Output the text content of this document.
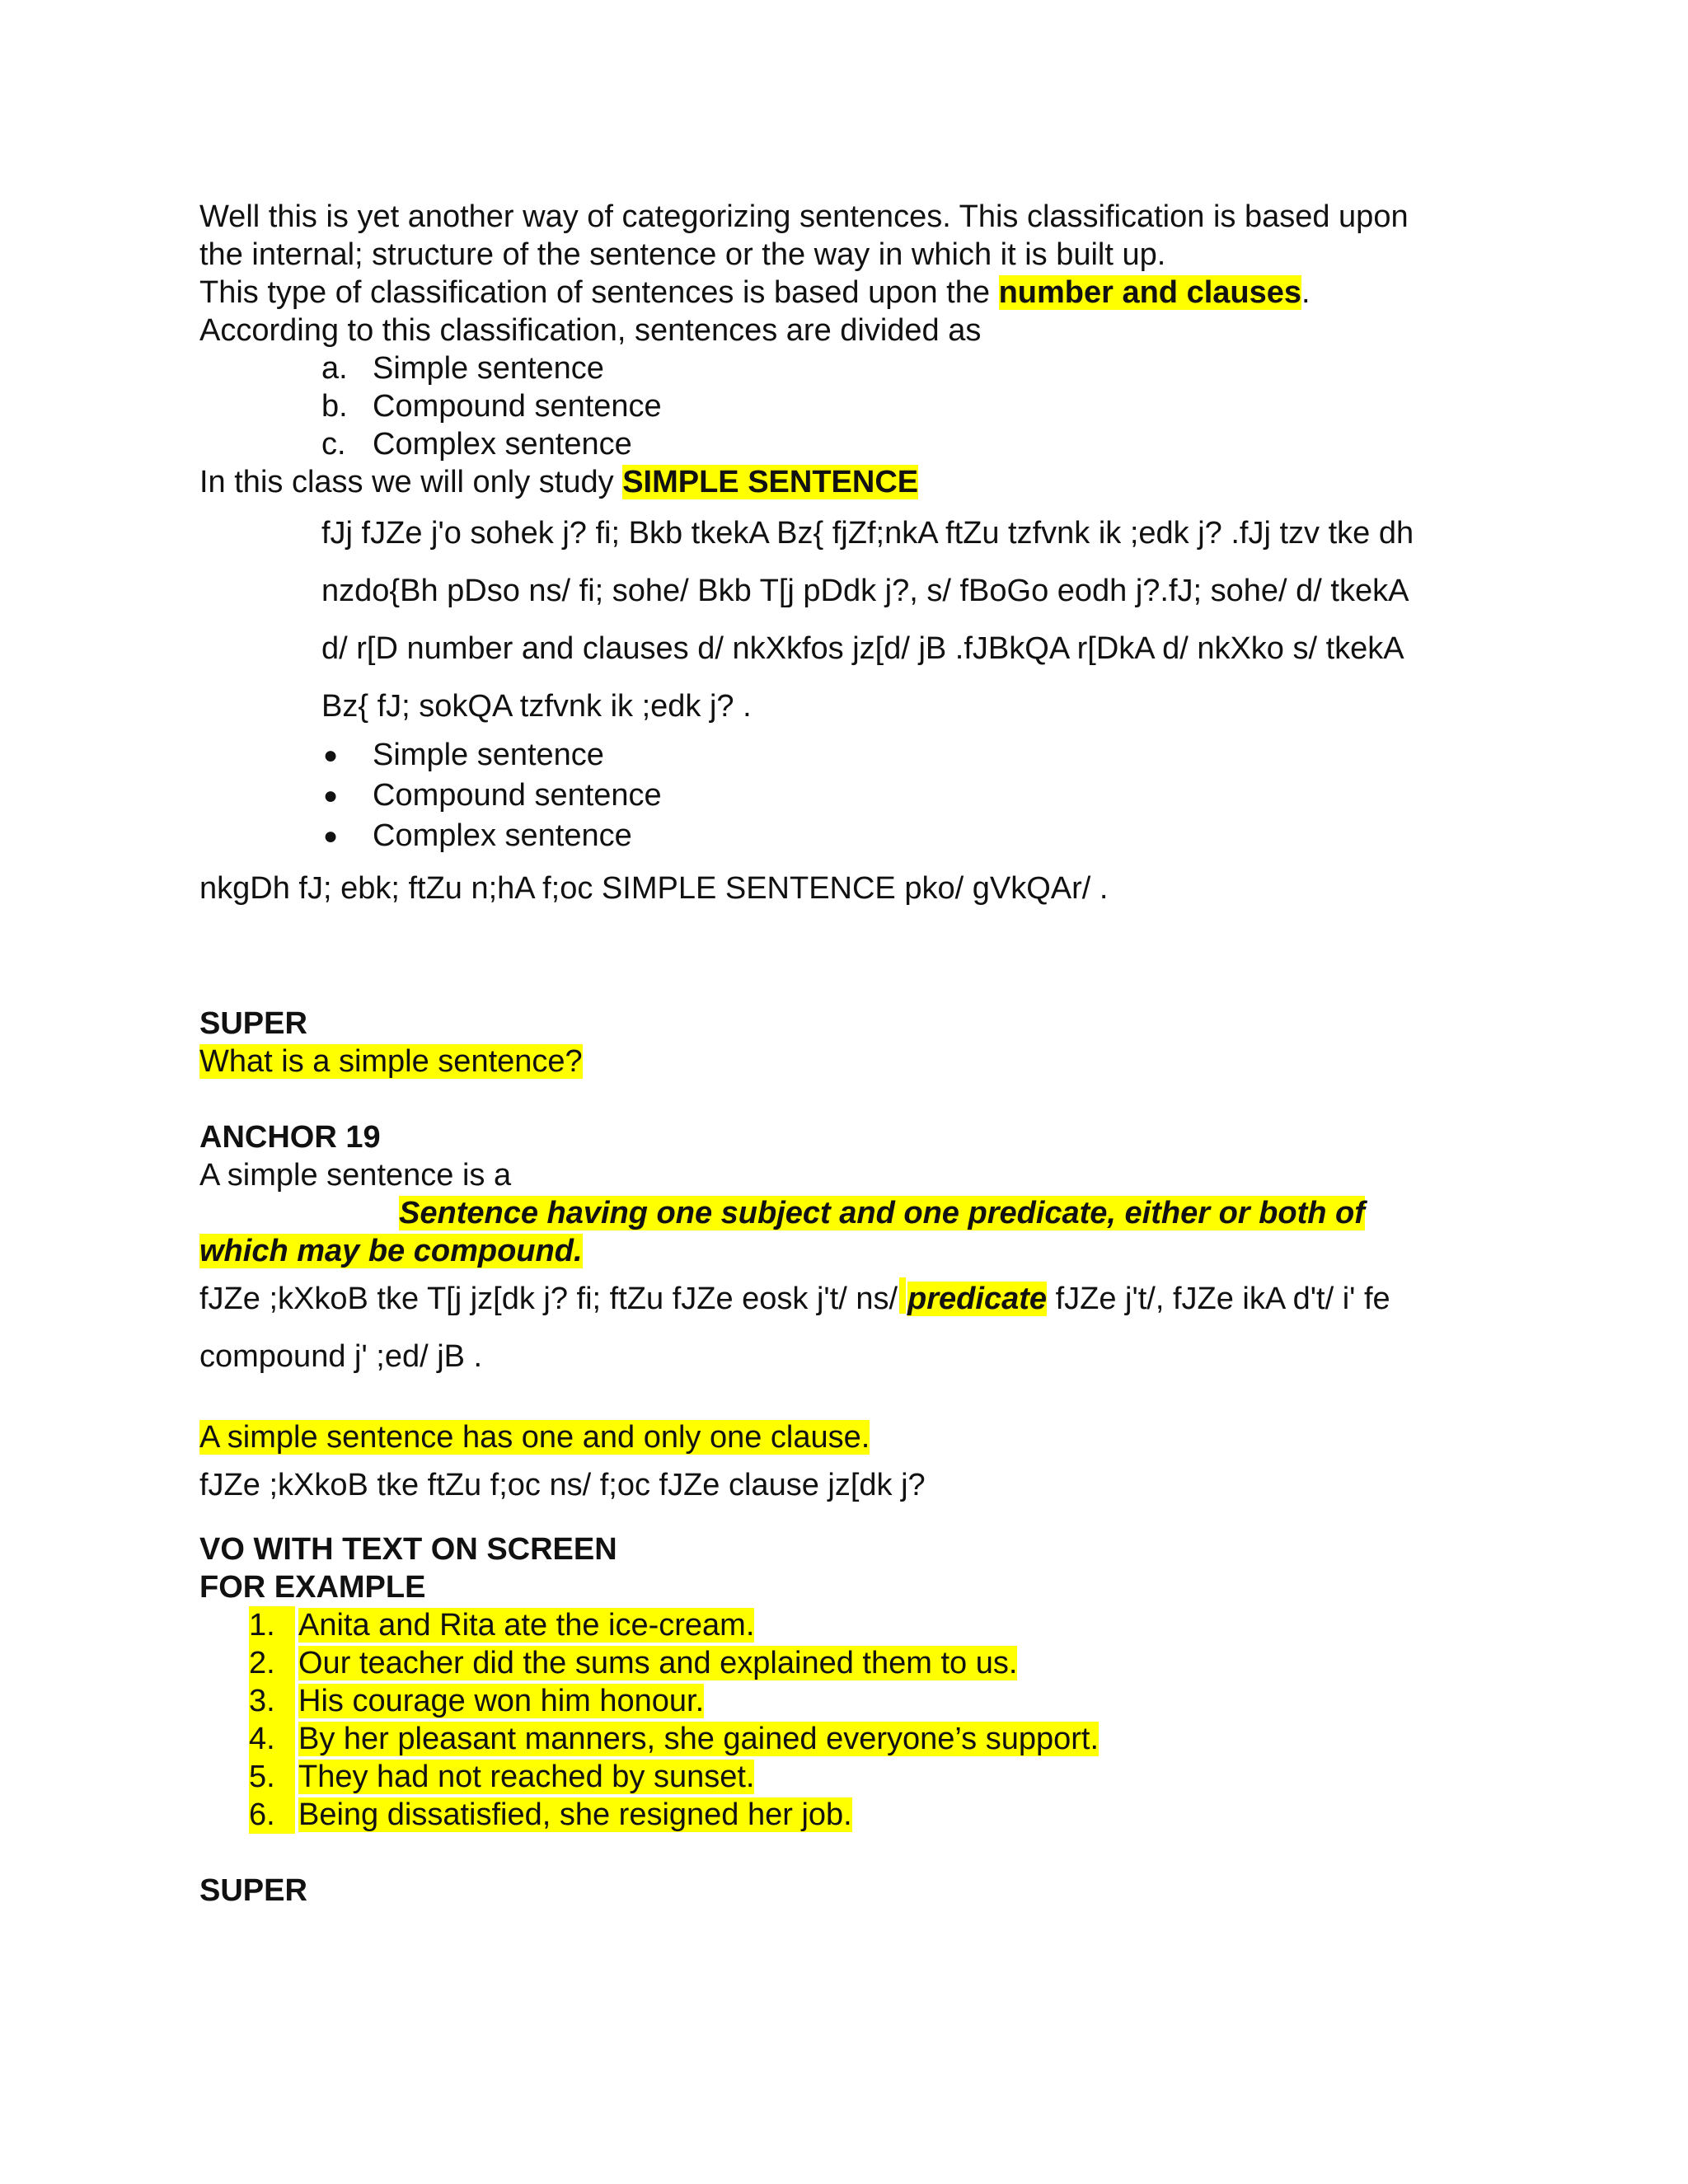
Well this is yet another way of categorizing sentences. This classification is based upon
the internal; structure of the sentence or the way in which it is built up.
This type of classification of sentences is based upon the number and clauses.
According to this classification, sentences are divided as
a. Simple sentence
b. Compound sentence
c. Complex sentence
In this class we will only study SIMPLE SENTENCE
fJj fJZe j'o sohek j? fi; Bkb tkekA Bz{ fjZf;nkA ftZu tzfvnk ik ;edk j? .fJj tzv tke dh
nzdo{Bh pDso ns/ fi; sohe/ Bkb T[j pDdk j?, s/ fBoGo eodh j?.fJ; sohe/ d/ tkekA
d/ r[D number and clauses d/ nkXkfos jz[d/ jB .fJBkQA r[DkA d/ nkXko s/ tkekA
Bz{ fJ; sokQA tzfvnk ik ;edk j? .
● Simple sentence
● Compound sentence
● Complex sentence
nkgDh fJ; ebk; ftZu n;hA f;oc SIMPLE SENTENCE pko/ gVkQAr/ .
SUPER
What is a simple sentence?
ANCHOR 19
A simple sentence is a
Sentence having one subject and one predicate, either or both of
which may be compound.
fJZe ;kXkoB tke T[j jz[dk j? fi; ftZu fJZe eosk j't/ ns/ predicate fJZe j't/, fJZe ikA d't/ i' fe
compound j' ;ed/ jB .
A simple sentence has one and only one clause.
fJZe ;kXkoB tke ftZu f;oc ns/ f;oc fJZe clause jz[dk j?
VO WITH TEXT ON SCREEN
FOR EXAMPLE
1. Anita and Rita ate the ice-cream.
2. Our teacher did the sums and explained them to us.
3. His courage won him honour.
4. By her pleasant manners, she gained everyone’s support.
5. They had not reached by sunset.
6. Being dissatisfied, she resigned her job.
SUPER
